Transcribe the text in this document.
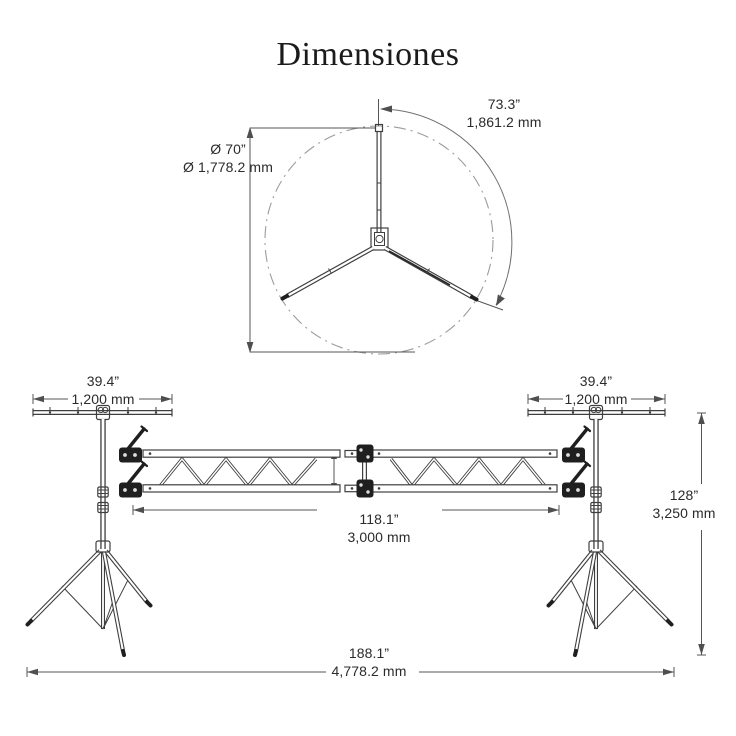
Dimensiones
73.3”
1,861.2 mm
Ø 70”
Ø 1,778.2 mm
39.4”
1,200 mm
39.4”
1,200 mm
128”
3,250 mm
118.1”
3,000 mm
188.1”
4,778.2 mm
